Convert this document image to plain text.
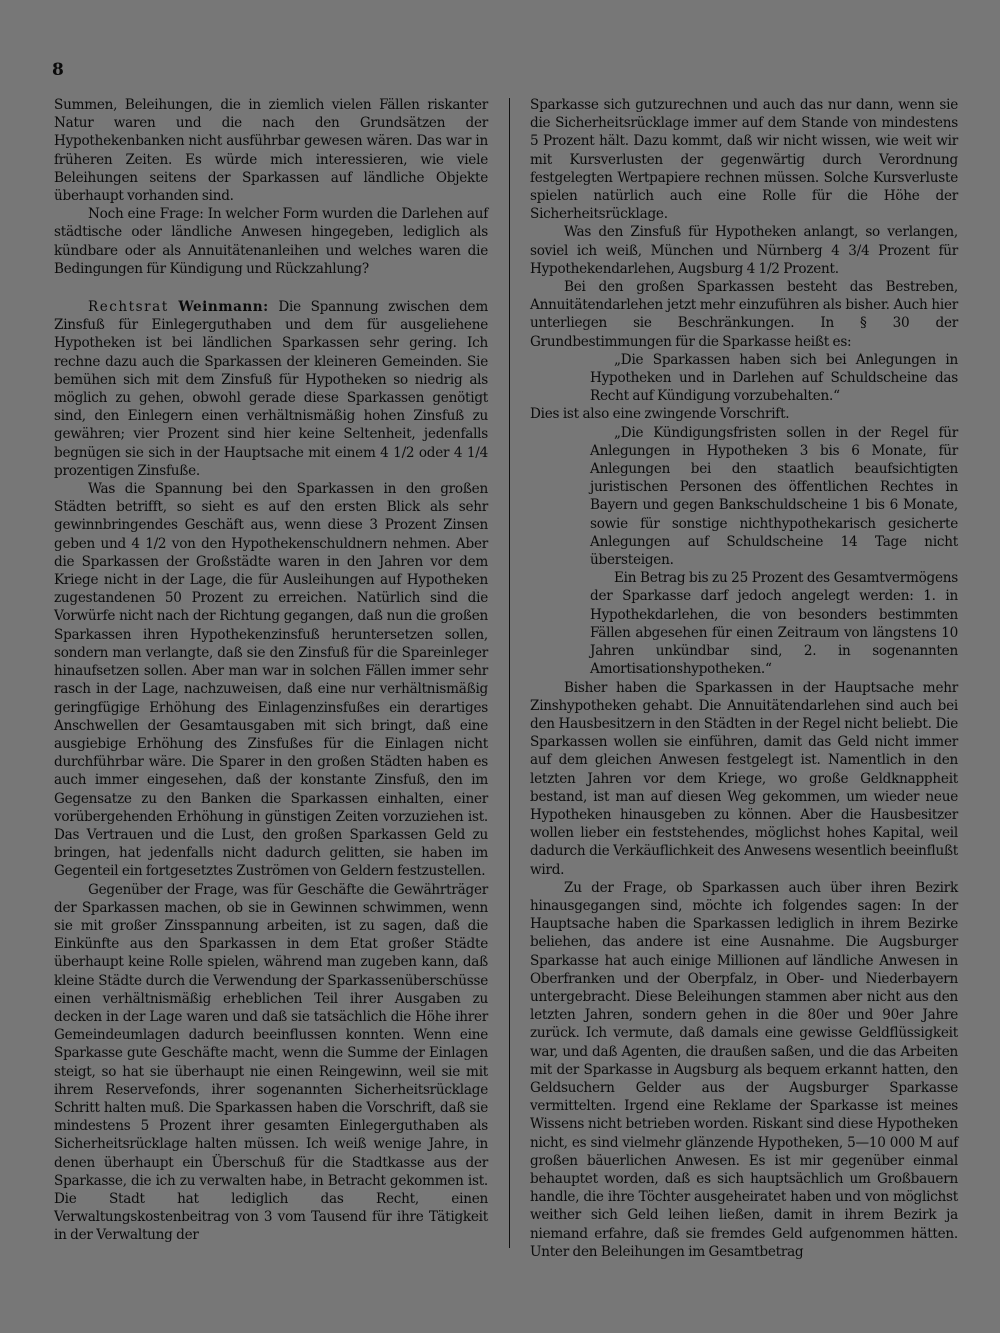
8

Summen, Beleihungen, die in ziemlich vielen Fällen riskanter Natur waren und die nach den Grundsätzen der Hypothekenbanken nicht ausführbar gewesen wären. Das war in früheren Zeiten. Es würde mich interessieren, wie viele Beleihungen seitens der Sparkassen auf ländliche Objekte überhaupt vorhanden sind.

Noch eine Frage: In welcher Form wurden die Darlehen auf städtische oder ländliche Anwesen hingegeben, lediglich als kündbare oder als Annuitätenanleihen und welches waren die Bedingungen für Kündigung und Rückzahlung?

Rechtsrat Weinmann: Die Spannung zwischen dem Zinsfuß für Einlegerguthaben und dem für ausgeliehene Hypotheken ist bei ländlichen Sparkassen sehr gering. Ich rechne dazu auch die Sparkassen der kleineren Gemeinden. Sie bemühen sich mit dem Zinsfuß für Hypotheken so niedrig als möglich zu gehen, obwohl gerade diese Sparkassen genötigt sind, den Einlegern einen verhältnismäßig hohen Zinsfuß zu gewähren; vier Prozent sind hier keine Seltenheit, jedenfalls begnügen sie sich in der Hauptsache mit einem 4 1/2 oder 4 1/4 prozentigen Zinsfuße.

Was die Spannung bei den Sparkassen in den großen Städten betrifft, so sieht es auf den ersten Blick als sehr gewinnbringendes Geschäft aus, wenn diese 3 Prozent Zinsen geben und 4 1/2 von den Hypothekenschuldnern nehmen. Aber die Sparkassen der Großstädte waren in den Jahren vor dem Kriege nicht in der Lage, die für Ausleihungen auf Hypotheken zugestandenen 50 Prozent zu erreichen. Natürlich sind die Vorwürfe nicht nach der Richtung gegangen, daß nun die großen Sparkassen ihren Hypothekenzinsfuß heruntersetzen sollen, sondern man verlangte, daß sie den Zinsfuß für die Spareinleger hinaufsetzen sollen. Aber man war in solchen Fällen immer sehr rasch in der Lage, nachzuweisen, daß eine nur verhältnismäßig geringfügige Erhöhung des Einlagenzinsfußes ein derartiges Anschwellen der Gesamtausgaben mit sich bringt, daß eine ausgiebige Erhöhung des Zinsfußes für die Einlagen nicht durchführbar wäre. Die Sparer in den großen Städten haben es auch immer eingesehen, daß der konstante Zinsfuß, den im Gegensatze zu den Banken die Sparkassen einhalten, einer vorübergehenden Erhöhung in günstigen Zeiten vorzuziehen ist. Das Vertrauen und die Lust, den großen Sparkassen Geld zu bringen, hat jedenfalls nicht dadurch gelitten, sie haben im Gegenteil ein fortgesetztes Zuströmen von Geldern festzustellen.

Gegenüber der Frage, was für Geschäfte die Gewährträger der Sparkassen machen, ob sie in Gewinnen schwimmen, wenn sie mit großer Zinsspannung arbeiten, ist zu sagen, daß die Einkünfte aus den Sparkassen in dem Etat großer Städte überhaupt keine Rolle spielen, während man zugeben kann, daß kleine Städte durch die Verwendung der Sparkassenüberschüsse einen verhältnismäßig erheblichen Teil ihrer Ausgaben zu decken in der Lage waren und daß sie tatsächlich die Höhe ihrer Gemeindeumlagen dadurch beeinflussen konnten. Wenn eine Sparkasse gute Geschäfte macht, wenn die Summe der Einlagen steigt, so hat sie überhaupt nie einen Reingewinn, weil sie mit ihrem Reservefonds, ihrer sogenannten Sicherheitsrücklage Schritt halten muß. Die Sparkassen haben die Vorschrift, daß sie mindestens 5 Prozent ihrer gesamten Einlegerguthaben als Sicherheitsrücklage halten müssen. Ich weiß wenige Jahre, in denen überhaupt ein Überschuß für die Stadtkasse aus der Sparkasse, die ich zu verwalten habe, in Betracht gekommen ist. Die Stadt hat lediglich das Recht, einen Verwaltungskostenbeitrag von 3 vom Tausend für ihre Tätigkeit in der Verwaltung der

Sparkasse sich gutzurechnen und auch das nur dann, wenn sie die Sicherheitsrücklage immer auf dem Stande von mindestens 5 Prozent hält. Dazu kommt, daß wir nicht wissen, wie weit wir mit Kursverlusten der gegenwärtig durch Verordnung festgelegten Wertpapiere rechnen müssen. Solche Kursverluste spielen natürlich auch eine Rolle für die Höhe der Sicherheitsrücklage.

Was den Zinsfuß für Hypotheken anlangt, so verlangen, soviel ich weiß, München und Nürnberg 4 3/4 Prozent für Hypothekendarlehen, Augsburg 4 1/2 Prozent.

Bei den großen Sparkassen besteht das Bestreben, Annuitätendarlehen jetzt mehr einzuführen als bisher. Auch hier unterliegen sie Beschränkungen. In § 30 der Grundbestimmungen für die Sparkasse heißt es:

„Die Sparkassen haben sich bei Anlegungen in Hypotheken und in Darlehen auf Schuldscheine das Recht auf Kündigung vorzubehalten.“

Dies ist also eine zwingende Vorschrift.

„Die Kündigungsfristen sollen in der Regel für Anlegungen in Hypotheken 3 bis 6 Monate, für Anlegungen bei den staatlich beaufsichtigten juristischen Personen des öffentlichen Rechtes in Bayern und gegen Bankschuldscheine 1 bis 6 Monate, sowie für sonstige nichthypothekarisch gesicherte Anlegungen auf Schuldscheine 14 Tage nicht übersteigen.

Ein Betrag bis zu 25 Prozent des Gesamtvermögens der Sparkasse darf jedoch angelegt werden: 1. in Hypothekdarlehen, die von besonders bestimmten Fällen abgesehen für einen Zeitraum von längstens 10 Jahren unkündbar sind, 2. in sogenannten Amortisationshypotheken.“

Bisher haben die Sparkassen in der Hauptsache mehr Zinshypotheken gehabt. Die Annuitätendarlehen sind auch bei den Hausbesitzern in den Städten in der Regel nicht beliebt. Die Sparkassen wollen sie einführen, damit das Geld nicht immer auf dem gleichen Anwesen festgelegt ist. Namentlich in den letzten Jahren vor dem Kriege, wo große Geldknappheit bestand, ist man auf diesen Weg gekommen, um wieder neue Hypotheken hinausgeben zu können. Aber die Hausbesitzer wollen lieber ein feststehendes, möglichst hohes Kapital, weil dadurch die Verkäuflichkeit des Anwesens wesentlich beeinflußt wird.

Zu der Frage, ob Sparkassen auch über ihren Bezirk hinausgegangen sind, möchte ich folgendes sagen: In der Hauptsache haben die Sparkassen lediglich in ihrem Bezirke beliehen, das andere ist eine Ausnahme. Die Augsburger Sparkasse hat auch einige Millionen auf ländliche Anwesen in Oberfranken und der Oberpfalz, in Ober- und Niederbayern untergebracht. Diese Beleihungen stammen aber nicht aus den letzten Jahren, sondern gehen in die 80er und 90er Jahre zurück. Ich vermute, daß damals eine gewisse Geldflüssigkeit war, und daß Agenten, die draußen saßen, und die das Arbeiten mit der Sparkasse in Augsburg als bequem erkannt hatten, den Geldsuchern Gelder aus der Augsburger Sparkasse vermittelten. Irgend eine Reklame der Sparkasse ist meines Wissens nicht betrieben worden. Riskant sind diese Hypotheken nicht, es sind vielmehr glänzende Hypotheken, 5—10 000 M auf großen bäuerlichen Anwesen. Es ist mir gegenüber einmal behauptet worden, daß es sich hauptsächlich um Großbauern handle, die ihre Töchter ausgeheiratet haben und von möglichst weither sich Geld leihen ließen, damit in ihrem Bezirk ja niemand erfahre, daß sie fremdes Geld aufgenommen hätten. Unter den Beleihungen im Gesamtbetrag
